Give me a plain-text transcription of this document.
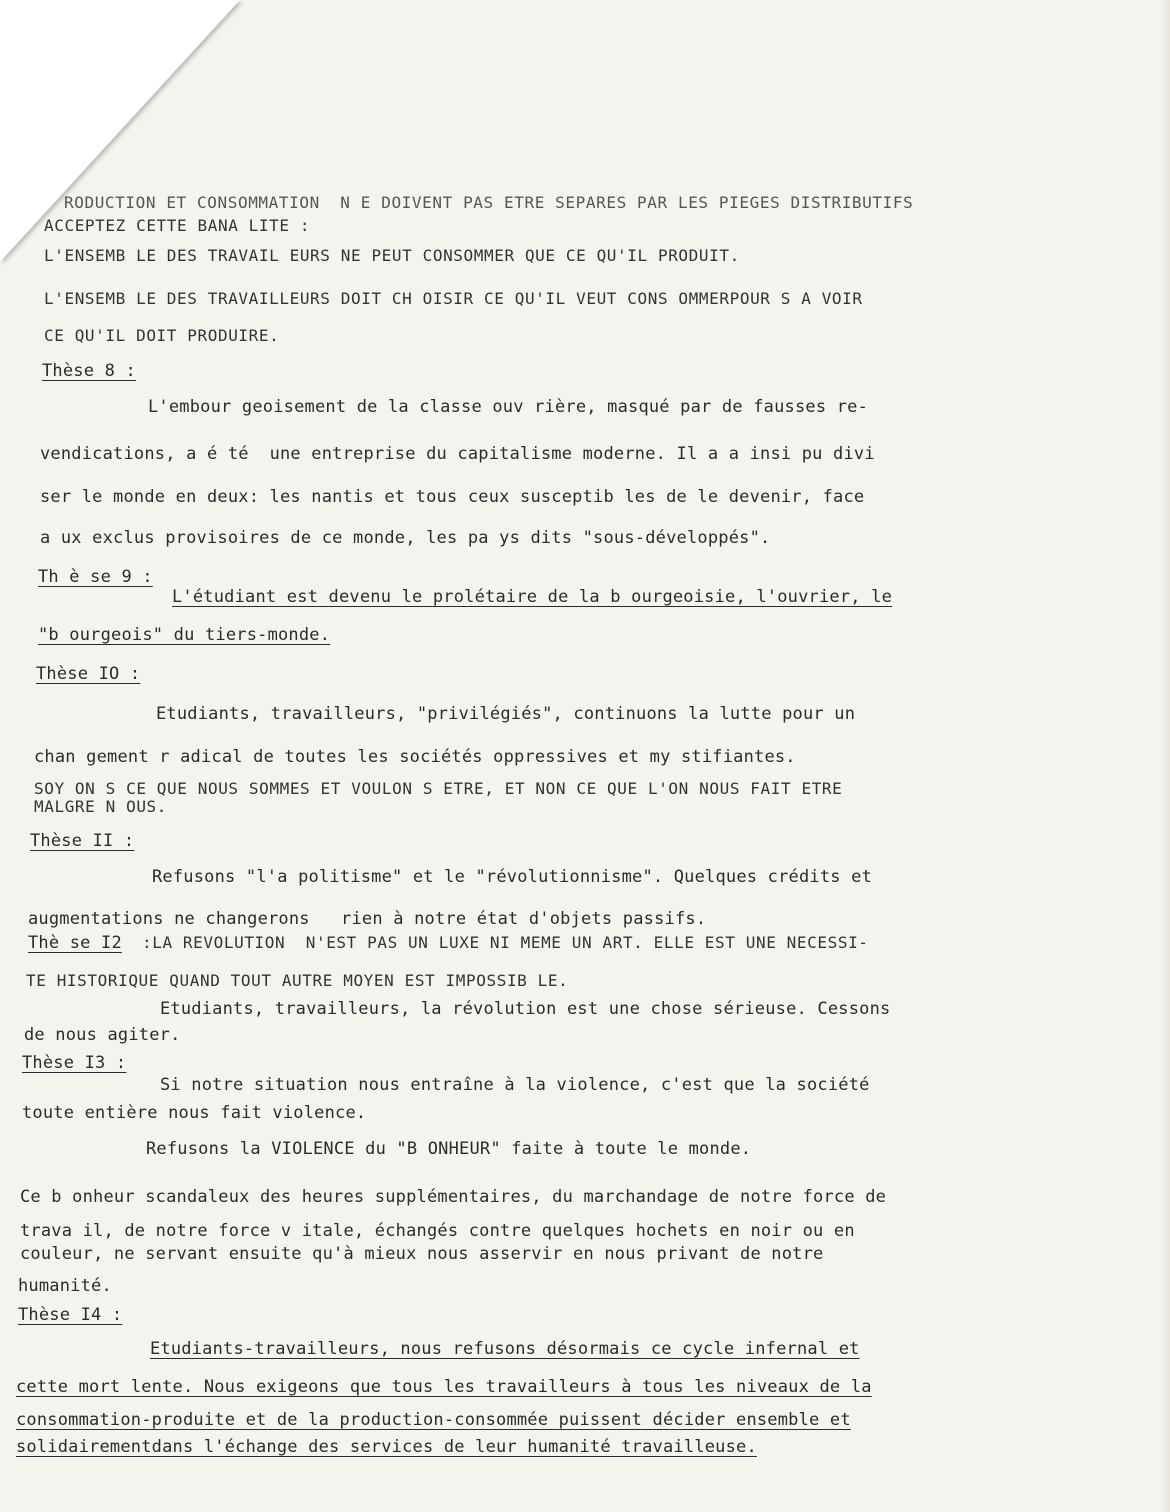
RODUCTION ET CONSOMMATION  N E DOIVENT PAS ETRE SEPARES PAR LES PIEGES DISTRIBUTIFS
ACCEPTEZ CETTE BANA LITE :
L'ENSEMB LE DES TRAVAIL EURS NE PEUT CONSOMMER QUE CE QU'IL PRODUIT.
L'ENSEMB LE DES TRAVAILLEURS DOIT CH OISIR CE QU'IL VEUT CONS OMMERPOUR S A VOIR
CE QU'IL DOIT PRODUIRE.
Thèse 8 :
L'embour geoisement de la classe ouv rière, masqué par de fausses re-
vendications, a é té  une entreprise du capitalisme moderne. Il a a insi pu divi
ser le monde en deux: les nantis et tous ceux susceptib les de le devenir, face
a ux exclus provisoires de ce monde, les pa ys dits "sous-développés".
Th è se 9 :
L'étudiant est devenu le prolétaire de la b ourgeoisie, l'ouvrier, le
"b ourgeois" du tiers-monde.
Thèse IO :
Etudiants, travailleurs, "privilégiés", continuons la lutte pour un
chan gement r adical de toutes les sociétés oppressives et my stifiantes.
SOY ON S CE QUE NOUS SOMMES ET VOULON S ETRE, ET NON CE QUE L'ON NOUS FAIT ETRE
MALGRE N OUS.
Thèse II :
Refusons "l'a politisme" et le "révolutionnisme". Quelques crédits et
augmentations ne changerons   rien à notre état d'objets passifs.
Thè se I2 :LA REVOLUTION  N'EST PAS UN LUXE NI MEME UN ART. ELLE EST UNE NECESSI-
TE HISTORIQUE QUAND TOUT AUTRE MOYEN EST IMPOSSIB LE.
Etudiants, travailleurs, la révolution est une chose sérieuse. Cessons
de nous agiter.
Thèse I3 :
Si notre situation nous entraîne à la violence, c'est que la société
toute entière nous fait violence.
Refusons la VIOLENCE du "B ONHEUR" faite à toute le monde.
Ce b onheur scandaleux des heures supplémentaires, du marchandage de notre force de
trava il, de notre force v itale, échangés contre quelques hochets en noir ou en
couleur, ne servant ensuite qu'à mieux nous asservir en nous privant de notre
humanité.
Thèse I4 :
Etudiants-travailleurs, nous refusons désormais ce cycle infernal et
cette mort lente. Nous exigeons que tous les travailleurs à tous les niveaux de la
consommation-produite et de la production-consommée puissent décider ensemble et
solidairementdans l'échange des services de leur humanité travailleuse.
